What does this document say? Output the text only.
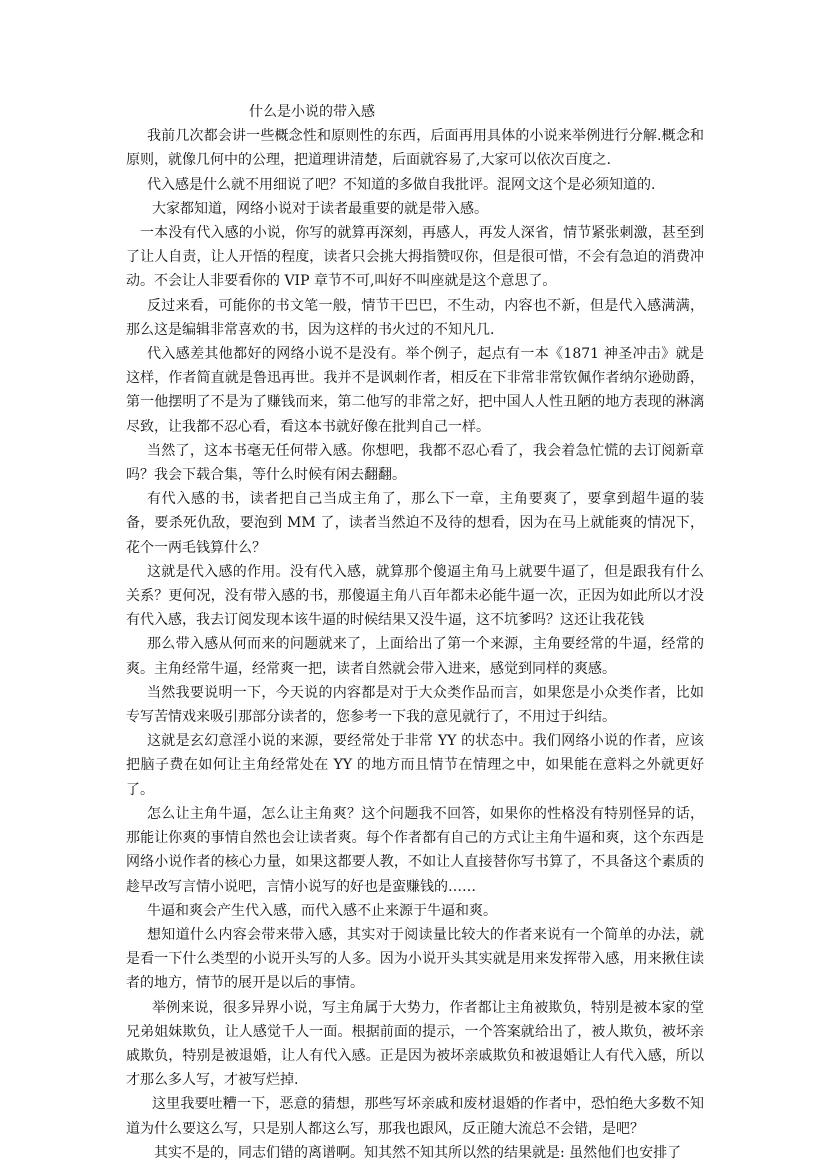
什么是小说的带入感

我前几次都会讲一些概念性和原则性的东西，后面再用具体的小说来举例进行分解.概念和原则，就像几何中的公理，把道理讲清楚，后面就容易了,大家可以依次百度之.

代入感是什么就不用细说了吧？不知道的多做自我批评。混网文这个是必须知道的.

大家都知道，网络小说对于读者最重要的就是带入感。

一本没有代入感的小说，你写的就算再深刻，再感人，再发人深省，情节紧张刺激，甚至到了让人自责，让人开悟的程度，读者只会挑大拇指赞叹你，但是很可惜，不会有急迫的消费冲动。不会让人非要看你的 VIP 章节不可,叫好不叫座就是这个意思了。

反过来看，可能你的书文笔一般，情节干巴巴，不生动，内容也不新，但是代入感满满，那么这是编辑非常喜欢的书，因为这样的书火过的不知凡几.

代入感差其他都好的网络小说不是没有。举个例子，起点有一本《1871 神圣冲击》就是这样，作者简直就是鲁迅再世。我并不是讽刺作者，相反在下非常非常钦佩作者纳尔逊勋爵，第一他摆明了不是为了赚钱而来，第二他写的非常之好，把中国人人性丑陋的地方表现的淋漓尽致，让我都不忍心看，看这本书就好像在批判自己一样。

当然了，这本书毫无任何带入感。你想吧，我都不忍心看了，我会着急忙慌的去订阅新章吗？我会下载合集，等什么时候有闲去翻翻。

有代入感的书，读者把自己当成主角了，那么下一章，主角要爽了，要拿到超牛逼的装备，要杀死仇敌，要泡到 MM 了，读者当然迫不及待的想看，因为在马上就能爽的情况下，花个一两毛钱算什么？

这就是代入感的作用。没有代入感，就算那个傻逼主角马上就要牛逼了，但是跟我有什么关系？更何况，没有带入感的书，那傻逼主角八百年都未必能牛逼一次，正因为如此所以才没有代入感，我去订阅发现本该牛逼的时候结果又没牛逼，这不坑爹吗？这还让我花钱

那么带入感从何而来的问题就来了，上面给出了第一个来源，主角要经常的牛逼，经常的爽。主角经常牛逼，经常爽一把，读者自然就会带入进来，感觉到同样的爽感。

当然我要说明一下，今天说的内容都是对于大众类作品而言，如果您是小众类作者，比如专写苦情戏来吸引那部分读者的，您参考一下我的意见就行了，不用过于纠结。

这就是玄幻意淫小说的来源，要经常处于非常 YY 的状态中。我们网络小说的作者，应该把脑子费在如何让主角经常处在 YY 的地方而且情节在情理之中，如果能在意料之外就更好了。

怎么让主角牛逼，怎么让主角爽？这个问题我不回答，如果你的性格没有特别怪异的话，那能让你爽的事情自然也会让读者爽。每个作者都有自己的方式让主角牛逼和爽，这个东西是网络小说作者的核心力量，如果这都要人教，不如让人直接替你写书算了，不具备这个素质的趁早改写言情小说吧，言情小说写的好也是蛮赚钱的……

牛逼和爽会产生代入感，而代入感不止来源于牛逼和爽。

想知道什么内容会带来带入感，其实对于阅读量比较大的作者来说有一个简单的办法，就是看一下什么类型的小说开头写的人多。因为小说开头其实就是用来发挥带入感，用来揪住读者的地方，情节的展开是以后的事情。

举例来说，很多异界小说，写主角属于大势力，作者都让主角被欺负，特别是被本家的堂兄弟姐妹欺负，让人感觉千人一面。根据前面的提示，一个答案就给出了，被人欺负，被坏亲戚欺负，特别是被退婚，让人有代入感。正是因为被坏亲戚欺负和被退婚让人有代入感，所以才那么多人写，才被写烂掉.

这里我要吐糟一下，恶意的猜想，那些写坏亲戚和废材退婚的作者中，恐怕绝大多数不知道为什么要这么写，只是别人都这么写，那我也跟风，反正随大流总不会错，是吧？

其实不是的，同志们错的离谱啊。知其然不知其所以然的结果就是: 虽然他们也安排了
